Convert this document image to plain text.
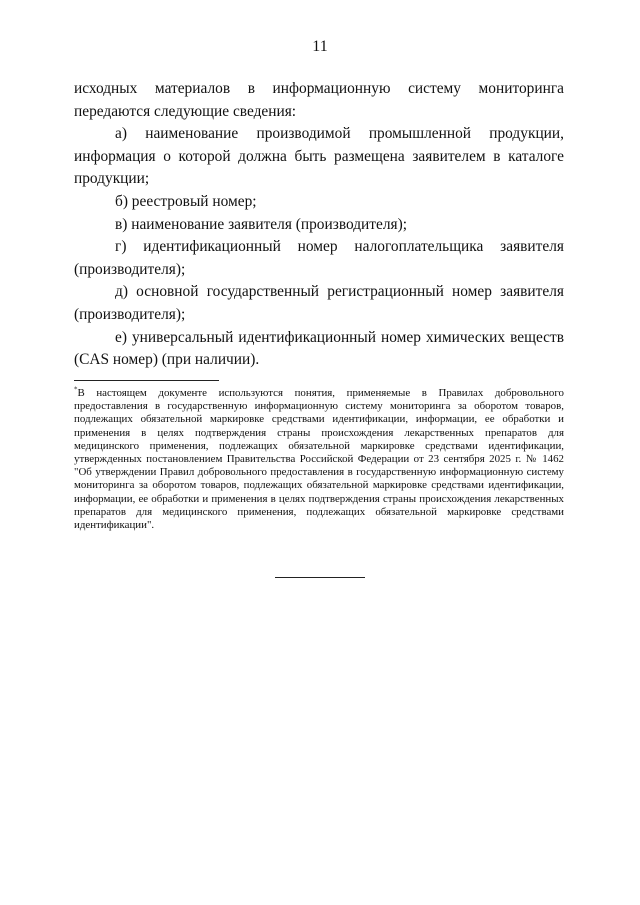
11

исходных материалов в информационную систему мониторинга передаются следующие сведения:

а) наименование производимой промышленной продукции, информация о которой должна быть размещена заявителем в каталоге продукции;

б) реестровый номер;

в) наименование заявителя (производителя);

г) идентификационный номер налогоплательщика заявителя (производителя);

д) основной государственный регистрационный номер заявителя (производителя);

е) универсальный идентификационный номер химических веществ (CAS номер) (при наличии).

*В настоящем документе используются понятия, применяемые в Правилах добровольного предоставления в государственную информационную систему мониторинга за оборотом товаров, подлежащих обязательной маркировке средствами идентификации, информации, ее обработки и применения в целях подтверждения страны происхождения лекарственных препаратов для медицинского применения, подлежащих обязательной маркировке средствами идентификации, утвержденных постановлением Правительства Российской Федерации от 23 сентября 2025 г. № 1462 "Об утверждении Правил добровольного предоставления в государственную информационную систему мониторинга за оборотом товаров, подлежащих обязательной маркировке средствами идентификации, информации, ее обработки и применения в целях подтверждения страны происхождения лекарственных препаратов для медицинского применения, подлежащих обязательной маркировке средствами идентификации".
